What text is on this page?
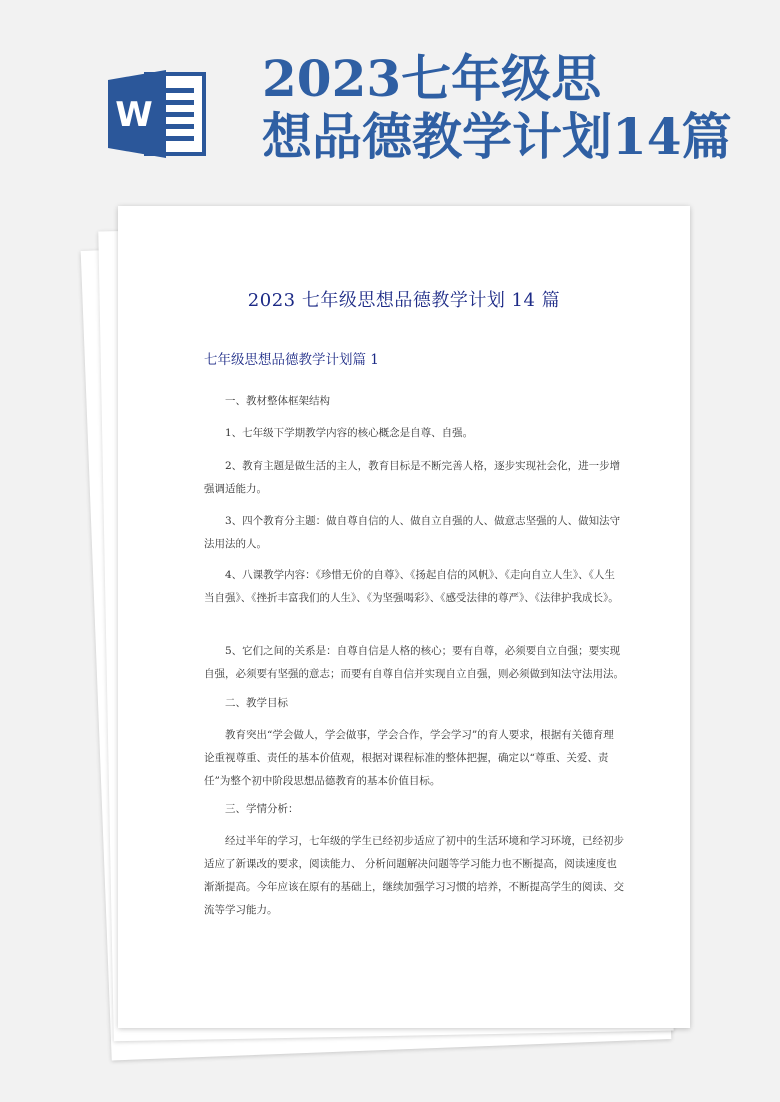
W
2023七年级思
想品德教学计划14篇
2023 七年级思想品德教学计划 14 篇
七年级思想品德教学计划篇 1
一、教材整体框架结构
1、七年级下学期教学内容的核心概念是自尊、自强。
2、教育主题是做生活的主人，教育目标是不断完善人格，逐步实现社会化，进一步增强调适能力。
3、四个教育分主题：做自尊自信的人、做自立自强的人、做意志坚强的人、做知法守法用法的人。
4、八课教学内容：《珍惜无价的自尊》、《扬起自信的风帆》、《走向自立人生》、《人生当自强》、《挫折丰富我们的人生》、《为坚强喝彩》、《感受法律的尊严》、《法律护我成长》。
5、它们之间的关系是：自尊自信是人格的核心；要有自尊，必须要自立自强；要实现自强，必须要有坚强的意志；而要有自尊自信并实现自立自强，则必须做到知法守法用法。
二、教学目标
教育突出“学会做人，学会做事，学会合作，学会学习”的育人要求，根据有关德育理论重视尊重、责任的基本价值观，根据对课程标准的整体把握，确定以“尊重、关爱、责任”为整个初中阶段思想品德教育的基本价值目标。
三、学情分析：
经过半年的学习，七年级的学生已经初步适应了初中的生活环境和学习环境，已经初步适应了新课改的要求，阅读能力、 分析问题解决问题等学习能力也不断提高，阅读速度也渐渐提高。今年应该在原有的基础上，继续加强学习习惯的培养，不断提高学生的阅读、交流等学习能力。
